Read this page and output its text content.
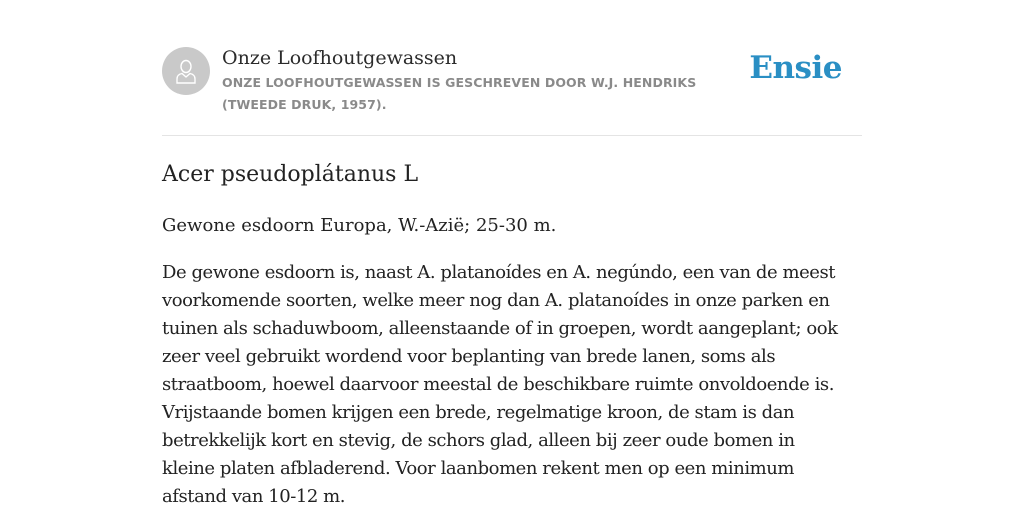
Onze Loofhoutgewassen
ONZE LOOFHOUTGEWASSEN IS GESCHREVEN DOOR W.J. HENDRIKS (TWEEDE DRUK, 1957).
Ensie
Acer pseudoplátanus L

Gewone esdoorn Europa, W.-Azië; 25-30 m.

De gewone esdoorn is, naast A. platanoídes en A. negúndo, een van de meest voorkomende soorten, welke meer nog dan A. platanoídes in onze parken en tuinen als schaduwboom, alleenstaande of in groepen, wordt aangeplant; ook zeer veel gebruikt wordend voor beplanting van brede lanen, soms als straatboom, hoewel daarvoor meestal de beschikbare ruimte onvoldoende is. Vrijstaande bomen krijgen een brede, regelmatige kroon, de stam is dan betrekkelijk kort en stevig, de schors glad, alleen bij zeer oude bomen in kleine platen afbladerend. Voor laanbomen rekent men op een minimum afstand van 10-12 m.
